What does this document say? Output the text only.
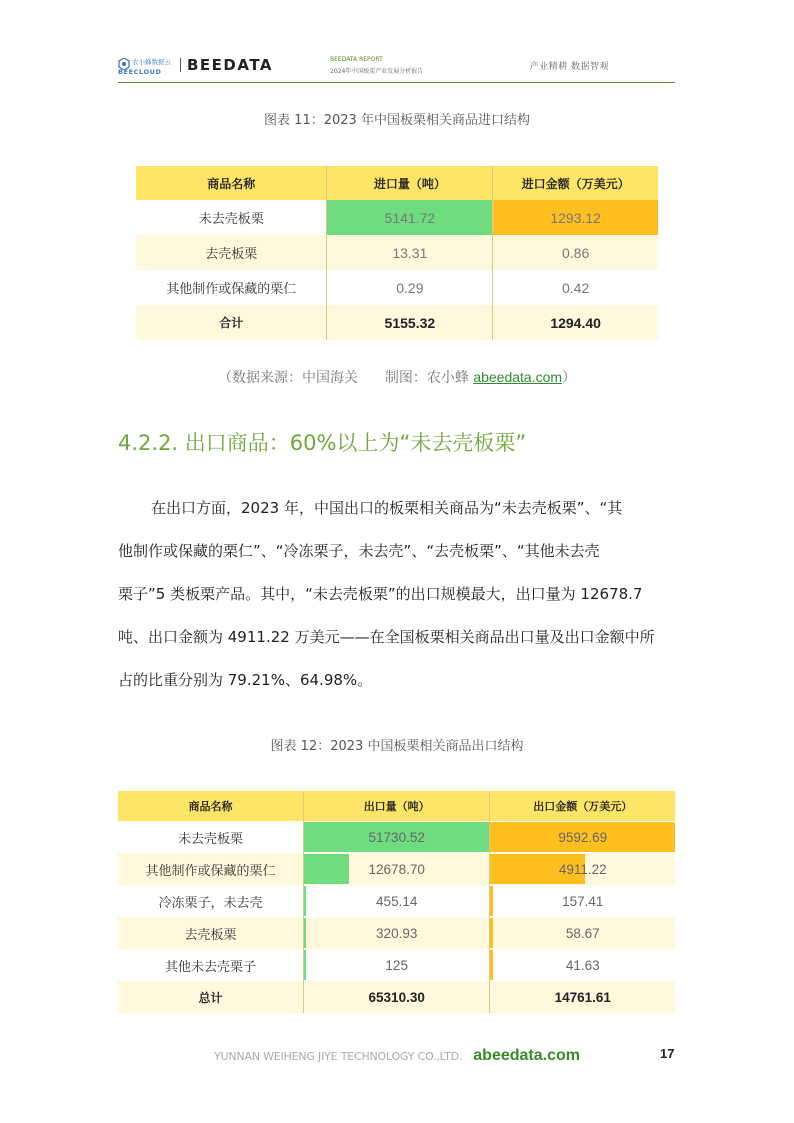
农小蜂数据云
BEECLOUD BEEDATA	BEEDATA REPORT
2024年中国板栗产业发展分析报告	产业精耕 数据智观
图表 11：2023 年中国板栗相关商品进口结构
商品名称	进口量（吨）	进口金额（万美元）
未去壳板栗	5141.72	1293.12
去壳板栗	13.31	0.86
其他制作或保藏的栗仁	0.29	0.42
合计	5155.32	1294.40
（数据来源：中国海关 制图：农小蜂 abeedata.com）
4.2.2. 出口商品：60%以上为“未去壳板栗”
在出口方面，2023 年，中国出口的板栗相关商品为“未去壳板栗”、“其
他制作或保藏的栗仁”、“冷冻栗子，未去壳”、“去壳板栗”、“其他未去壳
栗子”5 类板栗产品。其中，“未去壳板栗”的出口规模最大，出口量为 12678.7
吨、出口金额为 4911.22 万美元——在全国板栗相关商品出口量及出口金额中所
占的比重分别为 79.21%、64.98%。
图表 12：2023 中国板栗相关商品出口结构
商品名称	出口量（吨）	出口金额（万美元）
未去壳板栗	51730.52	9592.69
其他制作或保藏的栗仁	12678.70	4911.22
冷冻栗子，未去壳	455.14	157.41
去壳板栗	320.93	58.67
其他未去壳栗子	125	41.63
总计	65310.30	14761.61
YUNNAN WEIHENG JIYE TECHNOLOGY CO.,LTD. abeedata.com	17
